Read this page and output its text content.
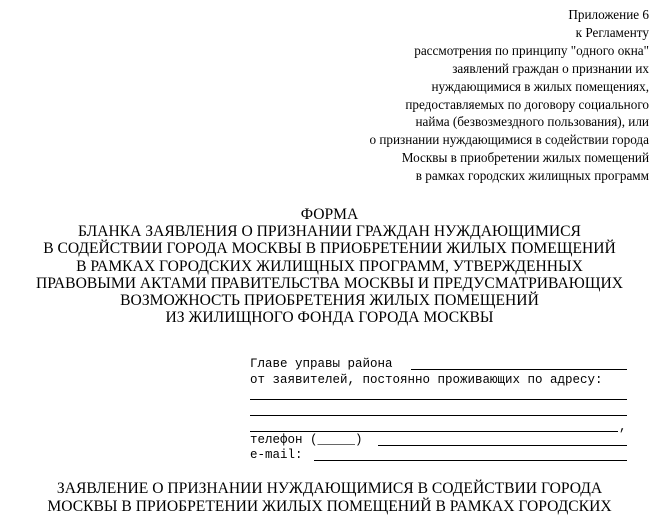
Приложение 6
к Регламенту
рассмотрения по принципу "одного окна"
заявлений граждан о признании их
нуждающимися в жилых помещениях,
предоставляемых по договору социального
найма (безвозмездного пользования), или
о признании нуждающимися в содействии города
Москвы в приобретении жилых помещений
в рамках городских жилищных программ
ФОРМА
БЛАНКА ЗАЯВЛЕНИЯ О ПРИЗНАНИИ ГРАЖДАН НУЖДАЮЩИМИСЯ
В СОДЕЙСТВИИ ГОРОДА МОСКВЫ В ПРИОБРЕТЕНИИ ЖИЛЫХ ПОМЕЩЕНИЙ
В РАМКАХ ГОРОДСКИХ ЖИЛИЩНЫХ ПРОГРАММ, УТВЕРЖДЕННЫХ
ПРАВОВЫМИ АКТАМИ ПРАВИТЕЛЬСТВА МОСКВЫ И ПРЕДУСМАТРИВАЮЩИХ
ВОЗМОЖНОСТЬ ПРИОБРЕТЕНИЯ ЖИЛЫХ ПОМЕЩЕНИЙ
ИЗ ЖИЛИЩНОГО ФОНДА ГОРОДА МОСКВЫ
Главе управы района
от заявителей, постоянно проживающих по адресу:
,
телефон (_____)
e-mail:
ЗАЯВЛЕНИЕ О ПРИЗНАНИИ НУЖДАЮЩИМИСЯ В СОДЕЙСТВИИ ГОРОДА
МОСКВЫ В ПРИОБРЕТЕНИИ ЖИЛЫХ ПОМЕЩЕНИЙ В РАМКАХ ГОРОДСКИХ
